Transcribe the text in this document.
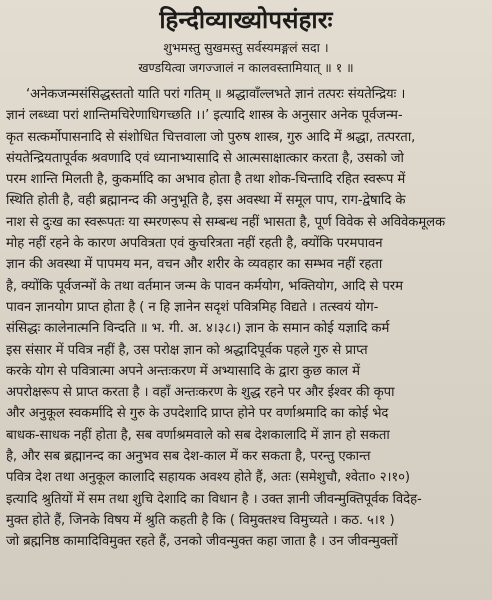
हिन्दीव्याख्योपसंहारः
शुभमस्तु सुखमस्तु सर्वस्यमङ्गलं सदा ।
खण्डयित्वा जगज्जालं न कालवस्तामियात् ॥ १ ॥
‘अनेकजन्मसंसिद्धस्ततो याति परां गतिम् ॥ श्रद्धावाँल्लभते ज्ञानं तत्परः संयतेन्द्रियः ।
ज्ञानं लब्ध्वा परां शान्तिमचिरेणाधिगच्छति ।।’ इत्यादि शास्त्र के अनुसार अनेक पूर्वजन्म-
कृत सत्कर्मोपासनादि से संशोधित चित्तवाला जो पुरुष शास्त्र, गुरु आदि में श्रद्धा, तत्परता,
संयतेन्द्रियतापूर्वक श्रवणादि एवं ध्यानाभ्यासादि से आत्मसाक्षात्कार करता है, उसको जो
परम शान्ति मिलती है, कुकर्मादि का अभाव होता है तथा शोक-चिन्तादि रहित स्वरूप में
स्थिति होती है, वही ब्रह्मानन्द की अनुभूति है, इस अवस्था में समूल पाप, राग-द्वेषादि के
नाश से दुःख का स्वरूपतः या स्मरणरूप से सम्बन्ध नहीं भासता है, पूर्ण विवेक से अविवेकमूलक
मोह नहीं रहने के कारण अपवित्रता एवं कुचरित्रता नहीं रहती है, क्योंकि परमपावन
ज्ञान की अवस्था में पापमय मन, वचन और शरीर के व्यवहार का सम्भव नहीं रहता
है, क्योंकि पूर्वजन्मों के तथा वर्तमान जन्म के पावन कर्मयोग, भक्तियोग, आदि से परम
पावन ज्ञानयोग प्राप्त होता है ( न हि ज्ञानेन सदृशं पवित्रमिह विद्यते । तत्स्वयं योग-
संसिद्धः कालेनात्मनि विन्दति ॥ भ. गी. अ. ४।३८।) ज्ञान के समान कोई यज्ञादि कर्म
इस संसार में पवित्र नहीं है, उस परोक्ष ज्ञान को श्रद्धादिपूर्वक पहले गुरु से प्राप्त
करके योग से पवित्रात्मा अपने अन्तःकरण में अभ्यासादि के द्वारा कुछ काल में
अपरोक्षरूप से प्राप्त करता है । वहाँ अन्तःकरण के शुद्ध रहने पर और ईश्वर की कृपा
और अनुकूल स्वकर्मादि से गुरु के उपदेशादि प्राप्त होने पर वर्णाश्रमादि का कोई भेद
बाधक-साधक नहीं होता है, सब वर्णाश्रमवाले को सब देशकालादि में ज्ञान हो सकता
है, और सब ब्रह्मानन्द का अनुभव सब देश-काल में कर सकता है, परन्तु एकान्त
पवित्र देश तथा अनुकूल कालादि सहायक अवश्य होते हैं, अतः (समेशुचौ, श्वेता० २।१०)
इत्यादि श्रुतियों में सम तथा शुचि देशादि का विधान है । उक्त ज्ञानी जीवन्मुक्तिपूर्वक विदेह-
मुक्त होते हैं, जिनके विषय में श्रुति कहती है कि ( विमुक्तश्च विमुच्यते । कठ. ५।१ )
जो ब्रह्मनिष्ठ कामादिविमुक्त रहते हैं, उनको जीवन्मुक्त कहा जाता है । उन जीवन्मुक्तों
